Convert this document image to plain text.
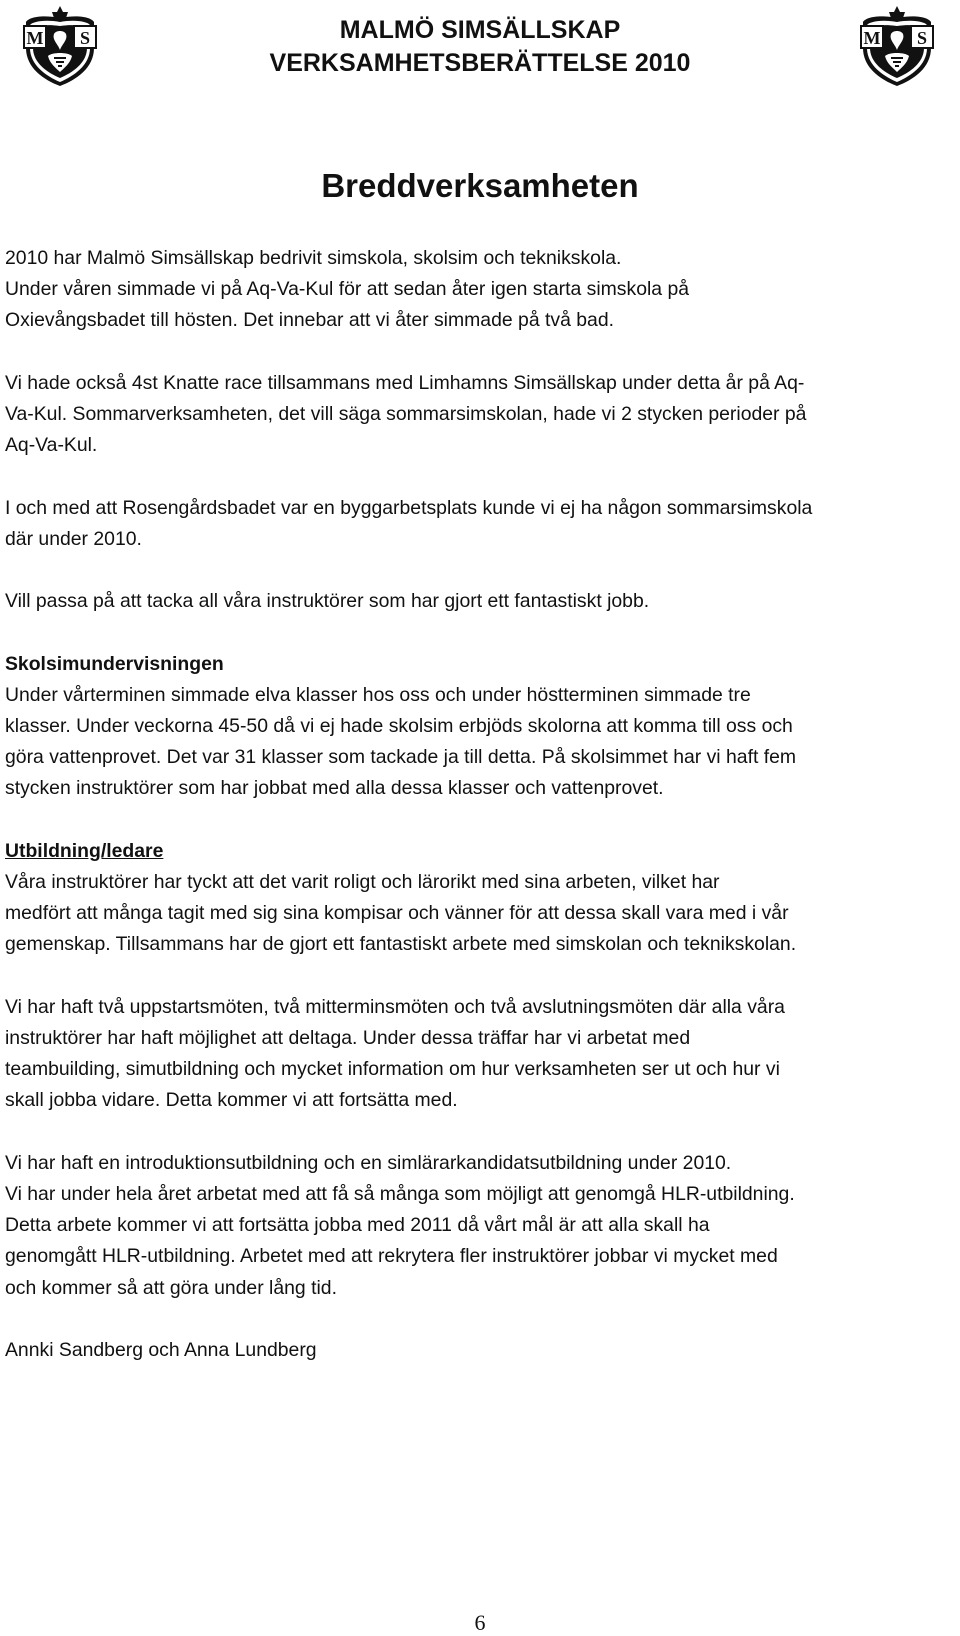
M S	MALMÖ SIMSÄLLSKAP
VERKSAMHETSBERÄTTELSE 2010
M S
Breddverksamheten

2010 har Malmö Simsällskap bedrivit simskola, skolsim och teknikskola.
Under våren simmade vi på Aq-Va-Kul för att sedan åter igen starta simskola på
Oxievångsbadet till hösten. Det innebar att vi åter simmade på två bad.

Vi hade också 4st Knatte race tillsammans med Limhamns Simsällskap under detta år på Aq-
Va-Kul. Sommarverksamheten, det vill säga sommarsimskolan, hade vi 2 stycken perioder på
Aq-Va-Kul.

I och med att Rosengårdsbadet var en byggarbetsplats kunde vi ej ha någon sommarsimskola
där under 2010.

Vill passa på att tacka all våra instruktörer som har gjort ett fantastiskt jobb.

Skolsimundervisningen

Under vårterminen simmade elva klasser hos oss och under höstterminen simmade tre
klasser. Under veckorna 45-50 då vi ej hade skolsim erbjöds skolorna att komma till oss och
göra vattenprovet. Det var 31 klasser som tackade ja till detta. På skolsimmet har vi haft fem
stycken instruktörer som har jobbat med alla dessa klasser och vattenprovet.

Utbildning/ledare

Våra instruktörer har tyckt att det varit roligt och lärorikt med sina arbeten, vilket har
medfört att många tagit med sig sina kompisar och vänner för att dessa skall vara med i vår
gemenskap. Tillsammans har de gjort ett fantastiskt arbete med simskolan och teknikskolan.

Vi har haft två uppstartsmöten, två mitterminsmöten och två avslutningsmöten där alla våra
instruktörer har haft möjlighet att deltaga. Under dessa träffar har vi arbetat med
teambuilding, simutbildning och mycket information om hur verksamheten ser ut och hur vi
skall jobba vidare. Detta kommer vi att fortsätta med.

Vi har haft en introduktionsutbildning och en simlärarkandidatsutbildning under 2010.
Vi har under hela året arbetat med att få så många som möjligt att genomgå HLR-utbildning.
Detta arbete kommer vi att fortsätta jobba med 2011 då vårt mål är att alla skall ha
genomgått HLR-utbildning. Arbetet med att rekrytera fler instruktörer jobbar vi mycket med
och kommer så att göra under lång tid.

Annki Sandberg och Anna Lundberg

6
